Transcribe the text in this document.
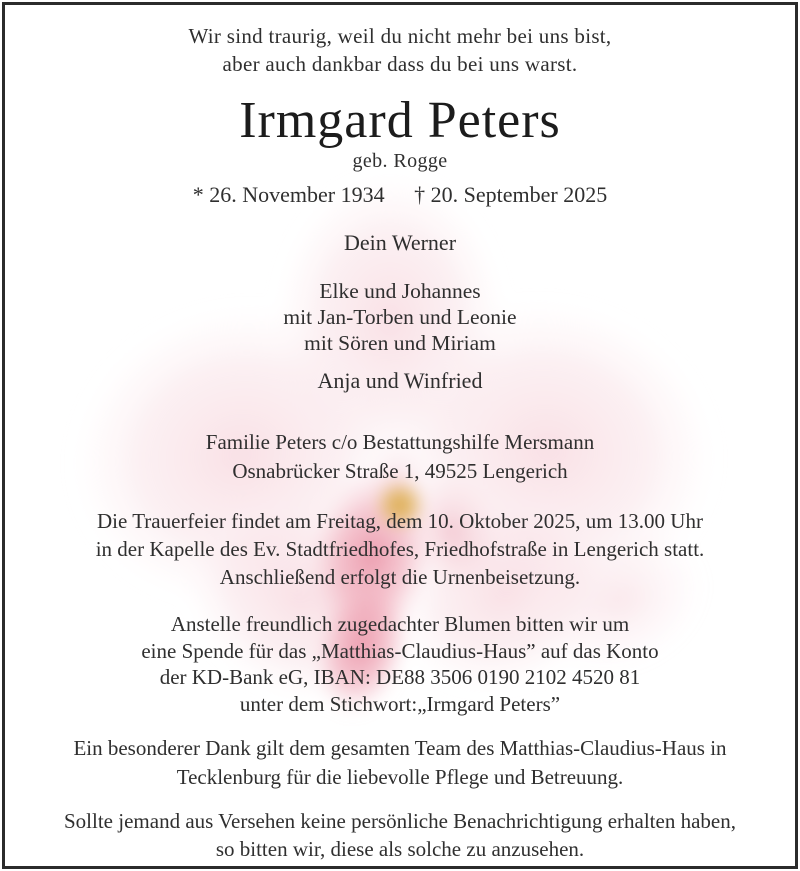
Wir sind traurig, weil du nicht mehr bei uns bist,
aber auch dankbar dass du bei uns warst.
Irmgard Peters
geb. Rogge
* 26. November 1934 † 20. September 2025
Dein Werner
Elke und Johannes
mit Jan-Torben und Leonie
mit Sören und Miriam
Anja und Winfried
Familie Peters c/o Bestattungshilfe Mersmann
Osnabrücker Straße 1, 49525 Lengerich
Die Trauerfeier findet am Freitag, dem 10. Oktober 2025, um 13.00 Uhr
in der Kapelle des Ev. Stadtfriedhofes, Friedhofstraße in Lengerich statt.
Anschließend erfolgt die Urnenbeisetzung.
Anstelle freundlich zugedachter Blumen bitten wir um
eine Spende für das „Matthias-Claudius-Haus” auf das Konto
der KD-Bank eG, IBAN: DE88 3506 0190 2102 4520 81
unter dem Stichwort:„Irmgard Peters”
Ein besonderer Dank gilt dem gesamten Team des Matthias-Claudius-Haus in
Tecklenburg für die liebevolle Pflege und Betreuung.
Sollte jemand aus Versehen keine persönliche Benachrichtigung erhalten haben,
so bitten wir, diese als solche zu anzusehen.
